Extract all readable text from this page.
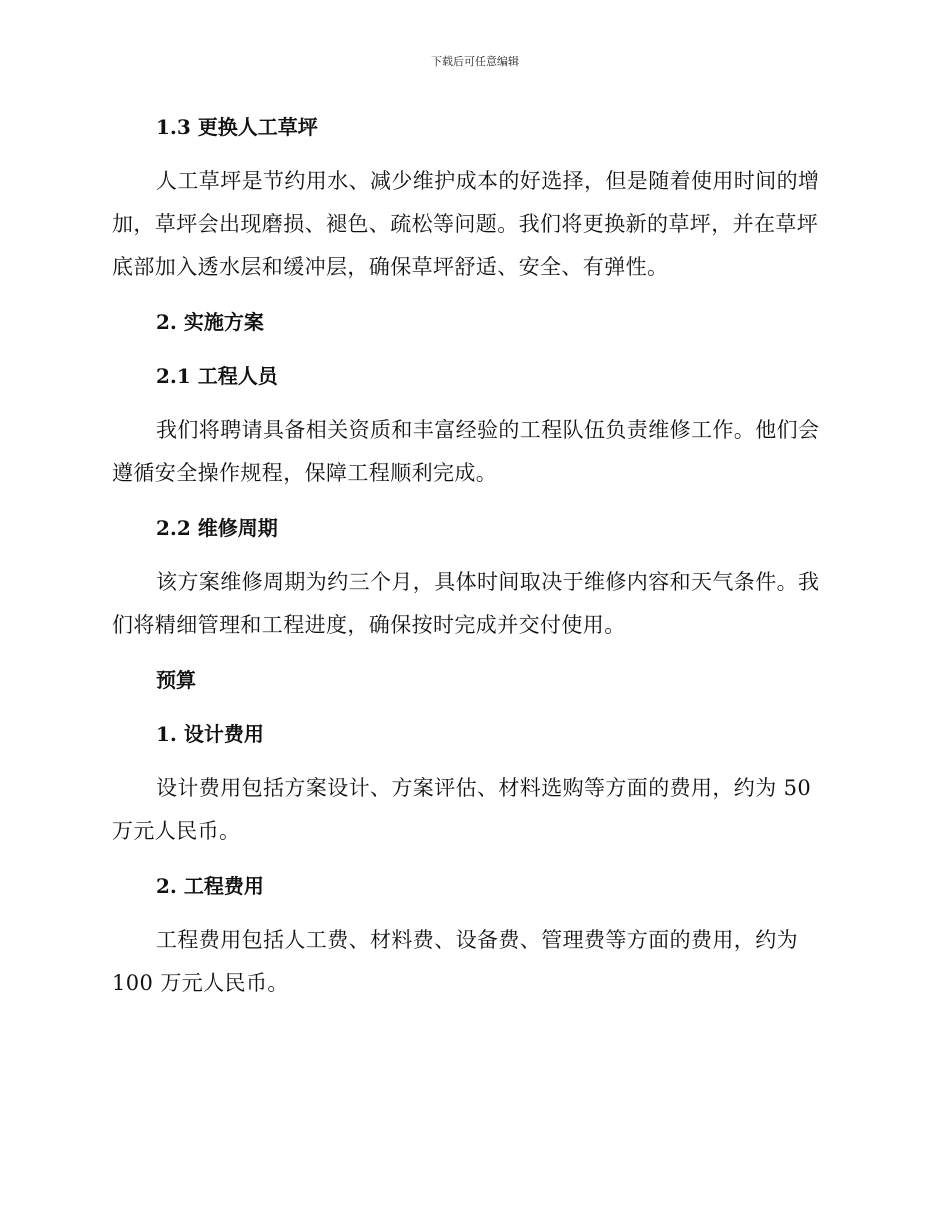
下载后可任意编辑
1.3 更换人工草坪

人工草坪是节约用水、减少维护成本的好选择，但是随着使用时间的增加，草坪会出现磨损、褪色、疏松等问题。我们将更换新的草坪，并在草坪底部加入透水层和缓冲层，确保草坪舒适、安全、有弹性。

2. 实施方案
2.1 工程人员

我们将聘请具备相关资质和丰富经验的工程队伍负责维修工作。他们会遵循安全操作规程，保障工程顺利完成。

2.2 维修周期

该方案维修周期为约三个月，具体时间取决于维修内容和天气条件。我们将精细管理和工程进度，确保按时完成并交付使用。

预算
1. 设计费用

设计费用包括方案设计、方案评估、材料选购等方面的费用，约为 50 万元人民币。

2. 工程费用

工程费用包括人工费、材料费、设备费、管理费等方面的费用，约为 100 万元人民币。
